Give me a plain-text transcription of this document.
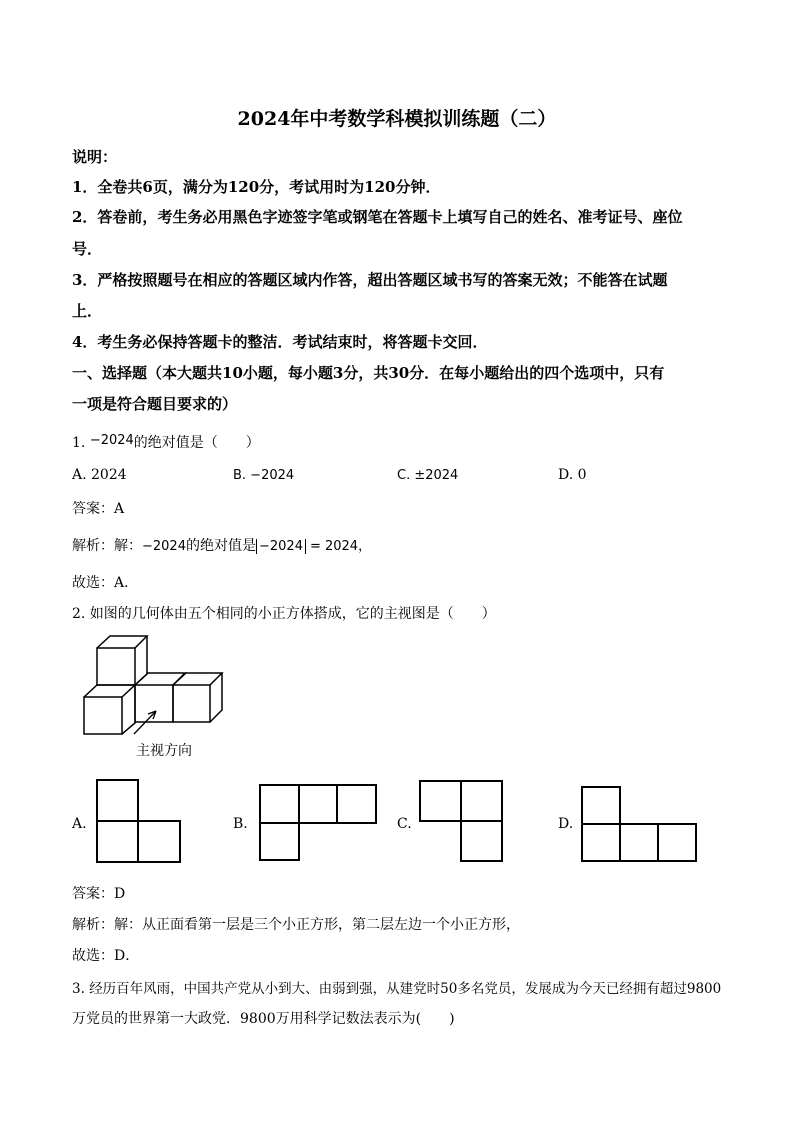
2024年中考数学科模拟训练题（二）
说明：
1．全卷共6页，满分为120分，考试用时为120分钟．
2．答卷前，考生务必用黑色字迹签字笔或钢笔在答题卡上填写自己的姓名、准考证号、座位
号．
3．严格按照题号在相应的答题区域内作答，超出答题区域书写的答案无效；不能答在试题
上．
4．考生务必保持答题卡的整洁．考试结束时，将答题卡交回．
一、选择题（本大题共10小题，每小题3分，共30分．在每小题给出的四个选项中，只有
一项是符合题目要求的）
1. −2024的绝对值是（　　）
A. 2024	B. −2024	C. ±2024	D. 0
答案：A
解析：解：−2024的绝对值是 −2024 = 2024，
故选：A．
2. 如图的几何体由五个相同的小正方体搭成，它的主视图是（　　）
主视方向
A.	B.	C.	D.
答案：D
解析：解：从正面看第一层是三个小正方形，第二层左边一个小正方形，
故选：D．
3. 经历百年风雨，中国共产党从小到大、由弱到强，从建党时50多名党员，发展成为今天已经拥有超过9800
万党员的世界第一大政党．9800万用科学记数法表示为(　　)
